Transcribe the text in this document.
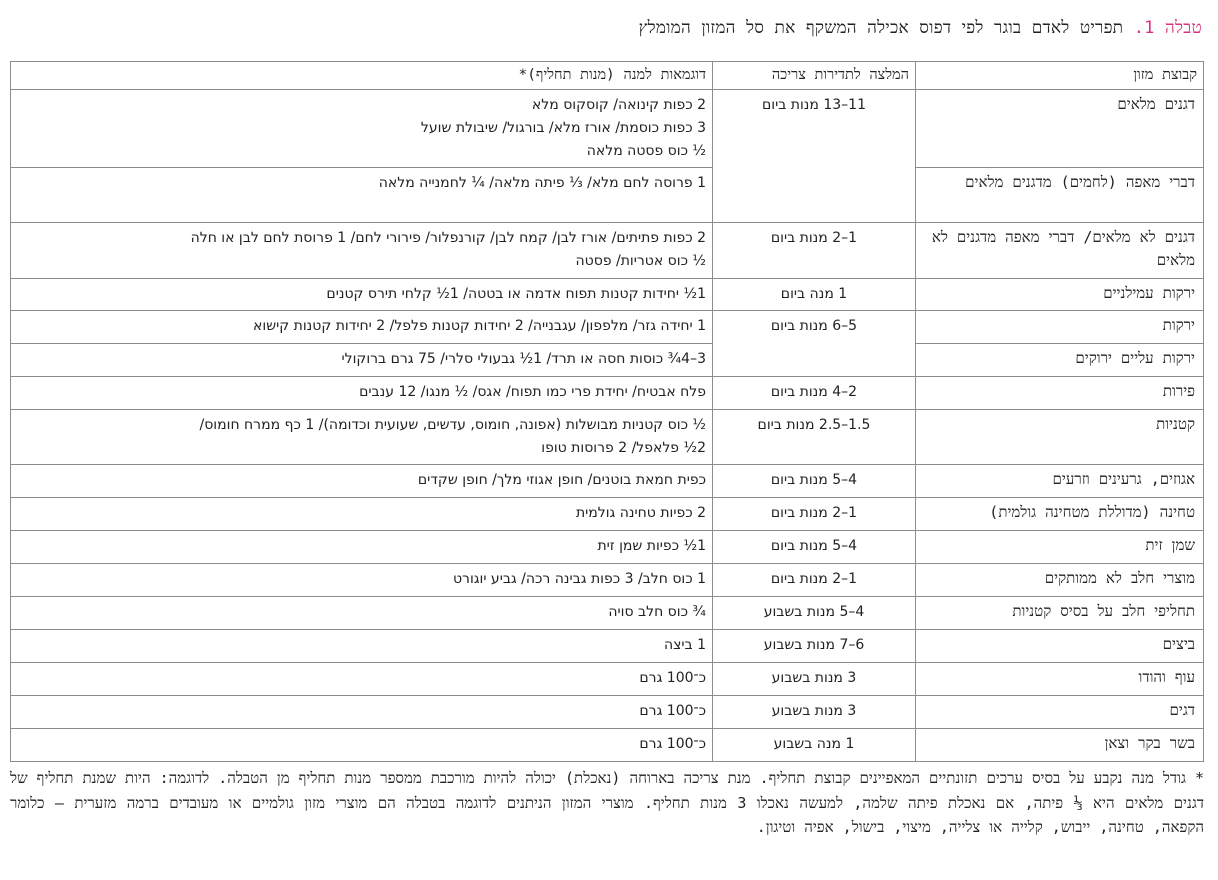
טבלה 1. תפריט לאדם בוגר לפי דפוס אכילה המשקף את סל המזון המומלץ
קבוצת מזון	המלצה לתדירות צריכה	דוגמאות למנה (מנות תחליף)*
דגנים מלאים	11–13 מנות ביום	2 כפות קינואה/ קוסקוס מלא
3 כפות כוסמת/ אורז מלא/ בורגול/ שיבולת שועל
½ כוס פסטה מלאה

דברי מאפה (לחמים) מדגנים מלאים		1 פרוסה לחם מלא/ ⅓ פיתה מלאה/ ¼ לחמנייה מלאה

דגנים לא מלאים/ דברי מאפה מדגנים לא מלאים	1–2 מנות ביום	2 כפות פתיתים/ אורז לבן/ קמח לבן/ קורנפלור/ פירורי לחם/ 1 פרוסת לחם לבן או חלה
½ כוס אטריות/ פסטה

ירקות עמילניים	1 מנה ביום	1½ יחידות קטנות תפוח אדמה או בטטה/ 1½ קלחי תירס קטנים

ירקות	5–6 מנות ביום	1 יחידה גזר/ מלפפון/ עגבנייה/ 2 יחידות קטנות פלפל/ 2 יחידות קטנות קישוא

ירקות עליים ירוקים		3–4¾ כוסות חסה או תרד/ 1½ גבעולי סלרי/ 75 גרם ברוקולי

פירות	2–4 מנות ביום	פלח אבטיח/ יחידת פרי כמו תפוח/ אגס/ ½ מנגו/ 12 ענבים

קטניות	1.5–2.5 מנות ביום	½ כוס קטניות מבושלות (אפונה, חומוס, עדשים, שעועית וכדומה)/ 1 כף ממרח חומוס/
2½ פלאפל/ 2 פרוסות טופו

אגוזים, גרעינים וזרעים	4–5 מנות ביום	כפית חמאת בוטנים/ חופן אגוזי מלך/ חופן שקדים

טחינה (מדוללת מטחינה גולמית)	1–2 מנות ביום	2 כפיות טחינה גולמית

שמן זית	4–5 מנות ביום	1½ כפיות שמן זית

מוצרי חלב לא ממותקים	1–2 מנות ביום	1 כוס חלב/ 3 כפות גבינה רכה/ גביע יוגורט

תחליפי חלב על בסיס קטניות	4–5 מנות בשבוע	¾ כוס חלב סויה

ביצים	6–7 מנות בשבוע	1 ביצה

עוף והודו	3 מנות בשבוע	כ־100 גרם

דגים	3 מנות בשבוע	כ־100 גרם

בשר בקר וצאן	1 מנה בשבוע	כ־100 גרם
* גודל מנה נקבע על בסיס ערכים תזונתיים המאפיינים קבוצת תחליף. מנת צריכה בארוחה (נאכלת) יכולה להיות מורכבת ממספר מנות תחליף מן הטבלה. לדוגמה: היות שמנת תחליף של דגנים מלאים היא ⅓ פיתה, אם נאכלת פיתה שלמה, למעשה נאכלו 3 מנות תחליף. מוצרי המזון הניתנים לדוגמה בטבלה הם מוצרי מזון גולמיים או מעובדים ברמה מזערית – כלומר הקפאה, טחינה, ייבוש, קלייה או צלייה, מיצוי, בישול, אפיה וטיגון.
